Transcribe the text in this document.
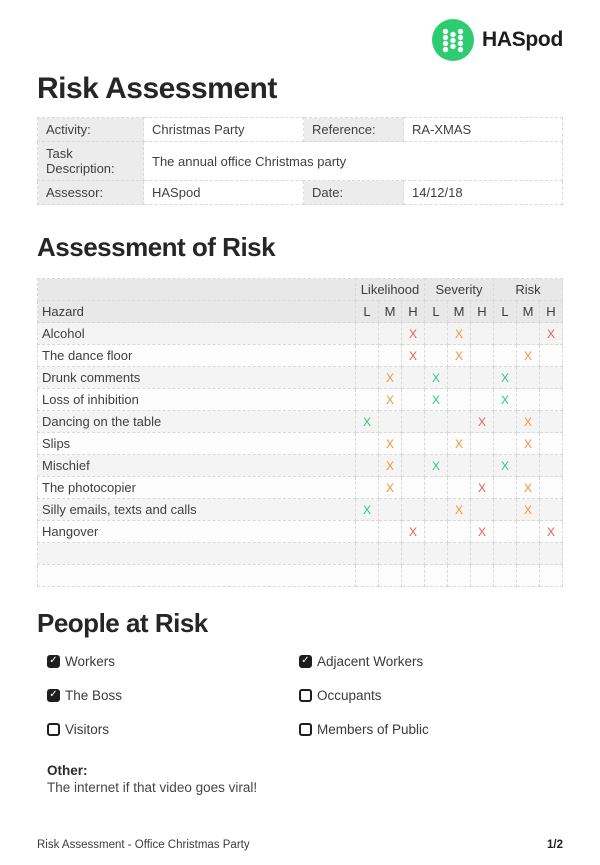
HASpod
Risk Assessment
Activity:	Christmas Party	Reference:	RA-XMAS
Task Description:	The annual office Christmas party		
Assessor:	HASpod	Date:	14/12/18
Assessment of Risk
	Likelihood			Severity			Risk		
Hazard	L	M	H	L	M	H	L	M	H
Alcohol			X		X				X
The dance floor			X		X			X	
Drunk comments		X		X			X		
Loss of inhibition		X		X			X		
Dancing on the table	X					X		X	
Slips		X			X			X	
Mischief		X		X			X		
The photocopier		X				X		X	
Silly emails, texts and calls	X				X			X	
Hangover			X			X			X

People at Risk
✓ Workers
✓ The Boss
Visitors
✓ Adjacent Workers
Occupants
Members of Public
Other:
The internet if that video goes viral!
Risk Assessment - Office Christmas Party	1/2
